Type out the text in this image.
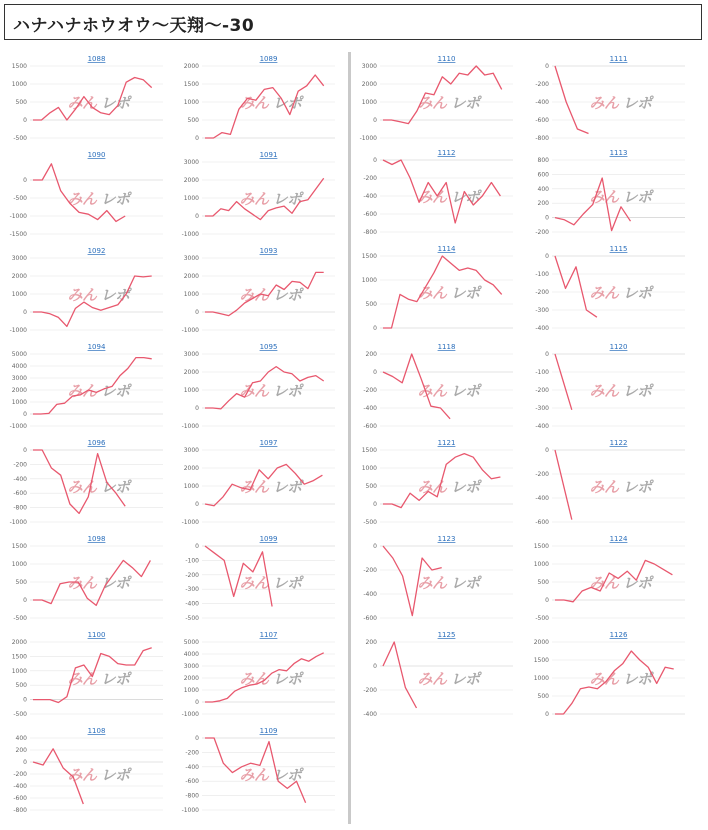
ハナハナホウオウ～天翔～-30
1088
1500
1000
500
0
-500
みん レポ
1089
2000
1500
1000
500
0
みん レポ
1090
0
-500
-1000
-1500
みん レポ
1091
3000
2000
1000
0
-1000
みん レポ
1092
3000
2000
1000
0
-1000
みん レポ
1093
3000
2000
1000
0
-1000
みん レポ
1094
5000
4000
3000
2000
1000
0
-1000
みん レポ
1095
3000
2000
1000
0
-1000
みん レポ
1096
0
-200
-400
-600
-800
-1000
みん レポ
1097
3000
2000
1000
0
-1000
みん レポ
1098
1500
1000
500
0
-500
みん レポ
1099
0
-100
-200
-300
-400
-500
みん レポ
1100
2000
1500
1000
500
0
-500
みん レポ
1107
5000
4000
3000
2000
1000
0
-1000
みん レポ
1108
400
200
0
-200
-400
-600
-800
みん レポ
1109
0
-200
-400
-600
-800
-1000
みん レポ
1110
3000
2000
1000
0
-1000
みん レポ
1111
0
-200
-400
-600
-800
みん レポ
1112
0
-200
-400
-600
-800
みん レポ
1113
800
600
400
200
0
-200
みん レポ
1114
1500
1000
500
0
みん レポ
1115
0
-100
-200
-300
-400
みん レポ
1118
200
0
-200
-400
-600
みん レポ
1120
0
-100
-200
-300
-400
みん レポ
1121
1500
1000
500
0
-500
みん レポ
1122
0
-200
-400
-600
みん レポ
1123
0
-200
-400
-600
みん レポ
1124
1500
1000
500
0
-500
みん レポ
1125
200
0
-200
-400
みん レポ
1126
2000
1500
1000
500
0
みん レポ
